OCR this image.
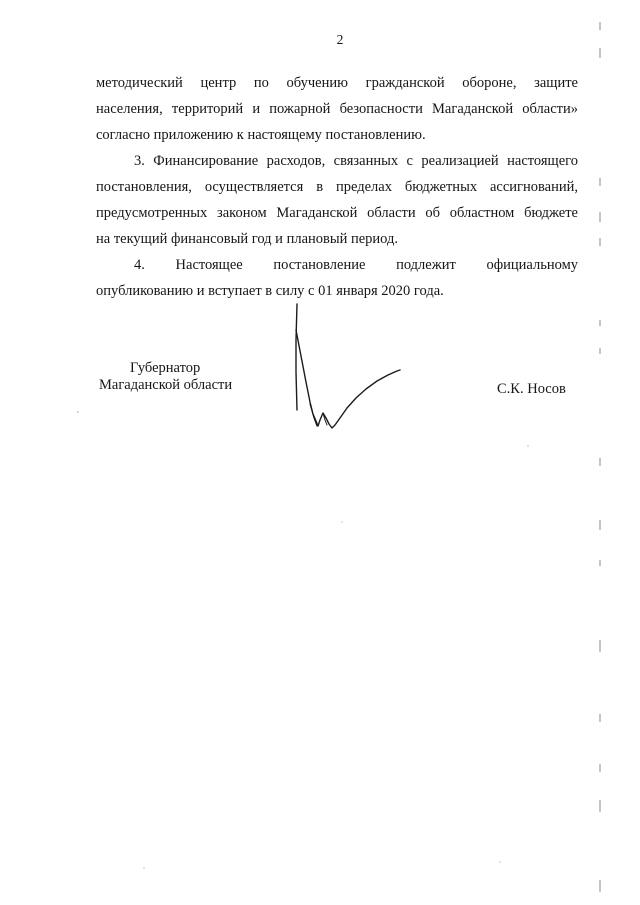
2
методический центр по обучению гражданской обороне, защите
населения, территорий и пожарной безопасности Магаданской области»
согласно приложению к настоящему постановлению.
3. Финансирование расходов, связанных с реализацией настоящего
постановления, осуществляется в пределах бюджетных ассигнований,
предусмотренных законом Магаданской области об областном бюджете
на текущий финансовый год и плановый период.
4. Настоящее постановление подлежит официальному
опубликованию и вступает в силу с 01 января 2020 года.
Губернатор
Магаданской области	С.К. Носов
